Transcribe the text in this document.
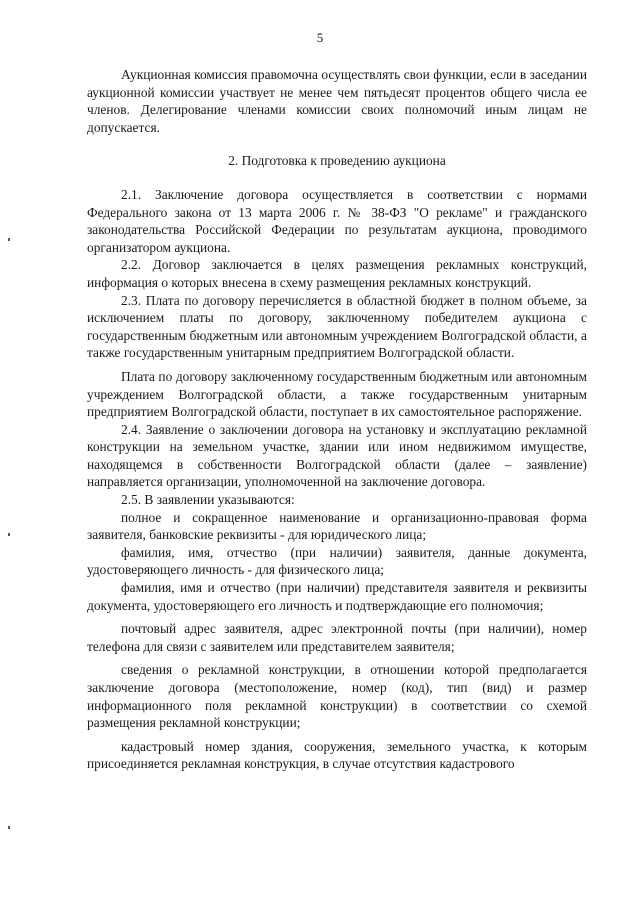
5

Аукционная комиссия правомочна осуществлять свои функции, если в заседании аукционной комиссии участвует не менее чем пятьдесят процентов общего числа ее членов. Делегирование членами комиссии своих полномочий иным лицам не допускается.

2. Подготовка к проведению аукциона

2.1. Заключение договора осуществляется в соответствии с нормами Федерального закона от 13 марта 2006 г. № 38-ФЗ "О рекламе" и гражданского законодательства Российской Федерации по результатам аукциона, проводимого организатором аукциона.

2.2. Договор заключается в целях размещения рекламных конструкций, информация о которых внесена в схему размещения рекламных конструкций.

2.3. Плата по договору перечисляется в областной бюджет в полном объеме, за исключением платы по договору, заключенному победителем аукциона с государственным бюджетным или автономным учреждением Волгоградской области, а также государственным унитарным предприятием Волгоградской области.

Плата по договору заключенному государственным бюджетным или автономным учреждением Волгоградской области, а также государственным унитарным предприятием Волгоградской области, поступает в их самостоятельное распоряжение.

2.4. Заявление о заключении договора на установку и эксплуатацию рекламной конструкции на земельном участке, здании или ином недвижимом имуществе, находящемся в собственности Волгоградской области (далее – заявление) направляется организации, уполномоченной на заключение договора.

2.5. В заявлении указываются:

полное и сокращенное наименование и организационно-правовая форма заявителя, банковские реквизиты - для юридического лица;

фамилия, имя, отчество (при наличии) заявителя, данные документа, удостоверяющего личность - для физического лица;

фамилия, имя и отчество (при наличии) представителя заявителя и реквизиты документа, удостоверяющего его личность и подтверждающие его полномочия;

почтовый адрес заявителя, адрес электронной почты (при наличии), номер телефона для связи с заявителем или представителем заявителя;

сведения о рекламной конструкции, в отношении которой предполагается заключение договора (местоположение, номер (код), тип (вид) и размер информационного поля рекламной конструкции) в соответствии со схемой размещения рекламной конструкции;

кадастровый номер здания, сооружения, земельного участка, к которым присоединяется рекламная конструкция, в случае отсутствия кадастрового
